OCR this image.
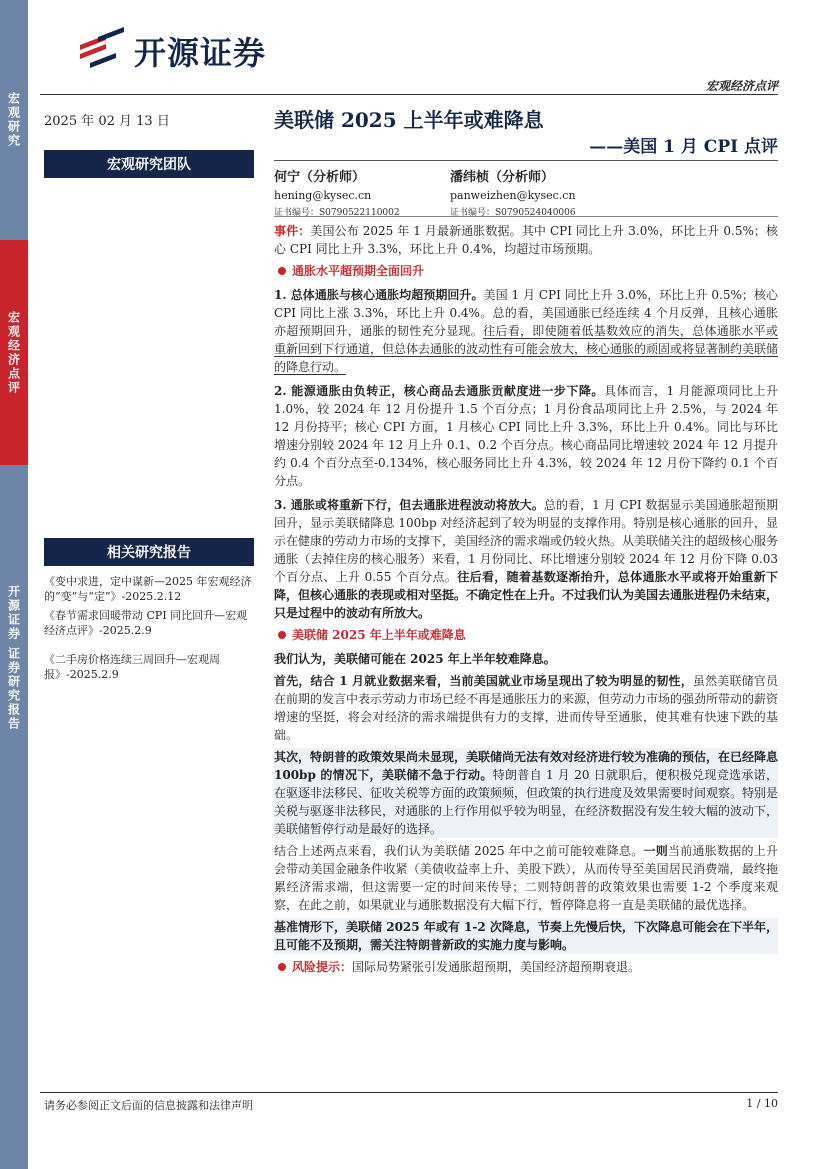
宏观研究
宏观经济点评
开源证券 证券研究报告
开源证券
宏观经济点评
2025 年 02 月 13 日	美联储 2025 上半年或难降息
——美国 1 月 CPI 点评
宏观研究团队
相关研究报告

《变中求进，定中谋新—2025 年宏观经济的“变”与“定”》-2025.2.12

《春节需求回暖带动 CPI 同比回升—宏观经济点评》-2025.2.9

《二手房价格连续三周回升—宏观周报》-2025.2.9

何宁（分析师）
hening@kysec.cn
证书编号：S0790522110002
潘纬桢（分析师）
panweizhen@kysec.cn
证书编号：S0790524040006

事件：美国公布 2025 年 1 月最新通胀数据。其中 CPI 同比上升 3.0%，环比上升 0.5%；核心 CPI 同比上升 3.3%，环比上升 0.4%，均超过市场预期。

通胀水平超预期全面回升

1. 总体通胀与核心通胀均超预期回升。美国 1 月 CPI 同比上升 3.0%，环比上升 0.5%；核心 CPI 同比上涨 3.3%，环比上升 0.4%。总的看，美国通胀已经连续 4 个月反弹，且核心通胀亦超预期回升，通胀的韧性充分显现。往后看，即使随着低基数效应的消失，总体通胀水平或重新回到下行通道，但总体去通胀的波动性有可能会放大，核心通胀的顽固或将显著制约美联储的降息行动。

2. 能源通胀由负转正，核心商品去通胀贡献度进一步下降。具体而言，1 月能源项同比上升 1.0%，较 2024 年 12 月份提升 1.5 个百分点；1 月份食品项同比上升 2.5%，与 2024 年 12 月份持平；核心 CPI 方面，1 月核心 CPI 同比上升 3.3%，环比上升 0.4%。同比与环比增速分别较 2024 年 12 月上升 0.1、0.2 个百分点。核心商品同比增速较 2024 年 12 月提升约 0.4 个百分点至-0.134%，核心服务同比上升 4.3%，较 2024 年 12 月份下降约 0.1 个百分点。

3. 通胀或将重新下行，但去通胀进程波动将放大。总的看，1 月 CPI 数据显示美国通胀超预期回升，显示美联储降息 100bp 对经济起到了较为明显的支撑作用。特别是核心通胀的回升，显示在健康的劳动力市场的支撑下，美国经济的需求端或仍较火热。从美联储关注的超级核心服务通胀（去掉住房的核心服务）来看，1 月份同比、环比增速分别较 2024 年 12 月份下降 0.03 个百分点、上升 0.55 个百分点。往后看，随着基数逐渐抬升，总体通胀水平或将开始重新下降，但核心通胀的表现或相对坚挺。不确定性在上升。不过我们认为美国去通胀进程仍未结束，只是过程中的波动有所放大。

美联储 2025 年上半年或难降息

我们认为，美联储可能在 2025 年上半年较难降息。

首先，结合 1 月就业数据来看，当前美国就业市场呈现出了较为明显的韧性，虽然美联储官员在前期的发言中表示劳动力市场已经不再是通胀压力的来源，但劳动力市场的强劲所带动的薪资增速的坚挺，将会对经济的需求端提供有力的支撑，进而传导至通胀，使其难有快速下跌的基础。

其次，特朗普的政策效果尚未显现，美联储尚无法有效对经济进行较为准确的预估，在已经降息 100bp 的情况下，美联储不急于行动。特朗普自 1 月 20 日就职后，便积极兑现竞选承诺，在驱逐非法移民、征收关税等方面的政策频频，但政策的执行进度及效果需要时间观察。特别是关税与驱逐非法移民，对通胀的上行作用似乎较为明显，在经济数据没有发生较大幅的波动下，美联储暂停行动是最好的选择。

结合上述两点来看，我们认为美联储 2025 年中之前可能较难降息。一则当前通胀数据的上升会带动美国金融条件收紧（美债收益率上升、美股下跌），从而传导至美国居民消费端，最终拖累经济需求端，但这需要一定的时间来传导；二则特朗普的政策效果也需要 1-2 个季度来观察，在此之前，如果就业与通胀数据没有大幅下行，暂停降息将一直是美联储的最优选择。

基准情形下，美联储 2025 年或有 1-2 次降息，节奏上先慢后快，下次降息可能会在下半年，且可能不及预期，需关注特朗普新政的实施力度与影响。

风险提示：国际局势紧张引发通胀超预期，美国经济超预期衰退。

请务必参阅正文后面的信息披露和法律声明	1 / 10
